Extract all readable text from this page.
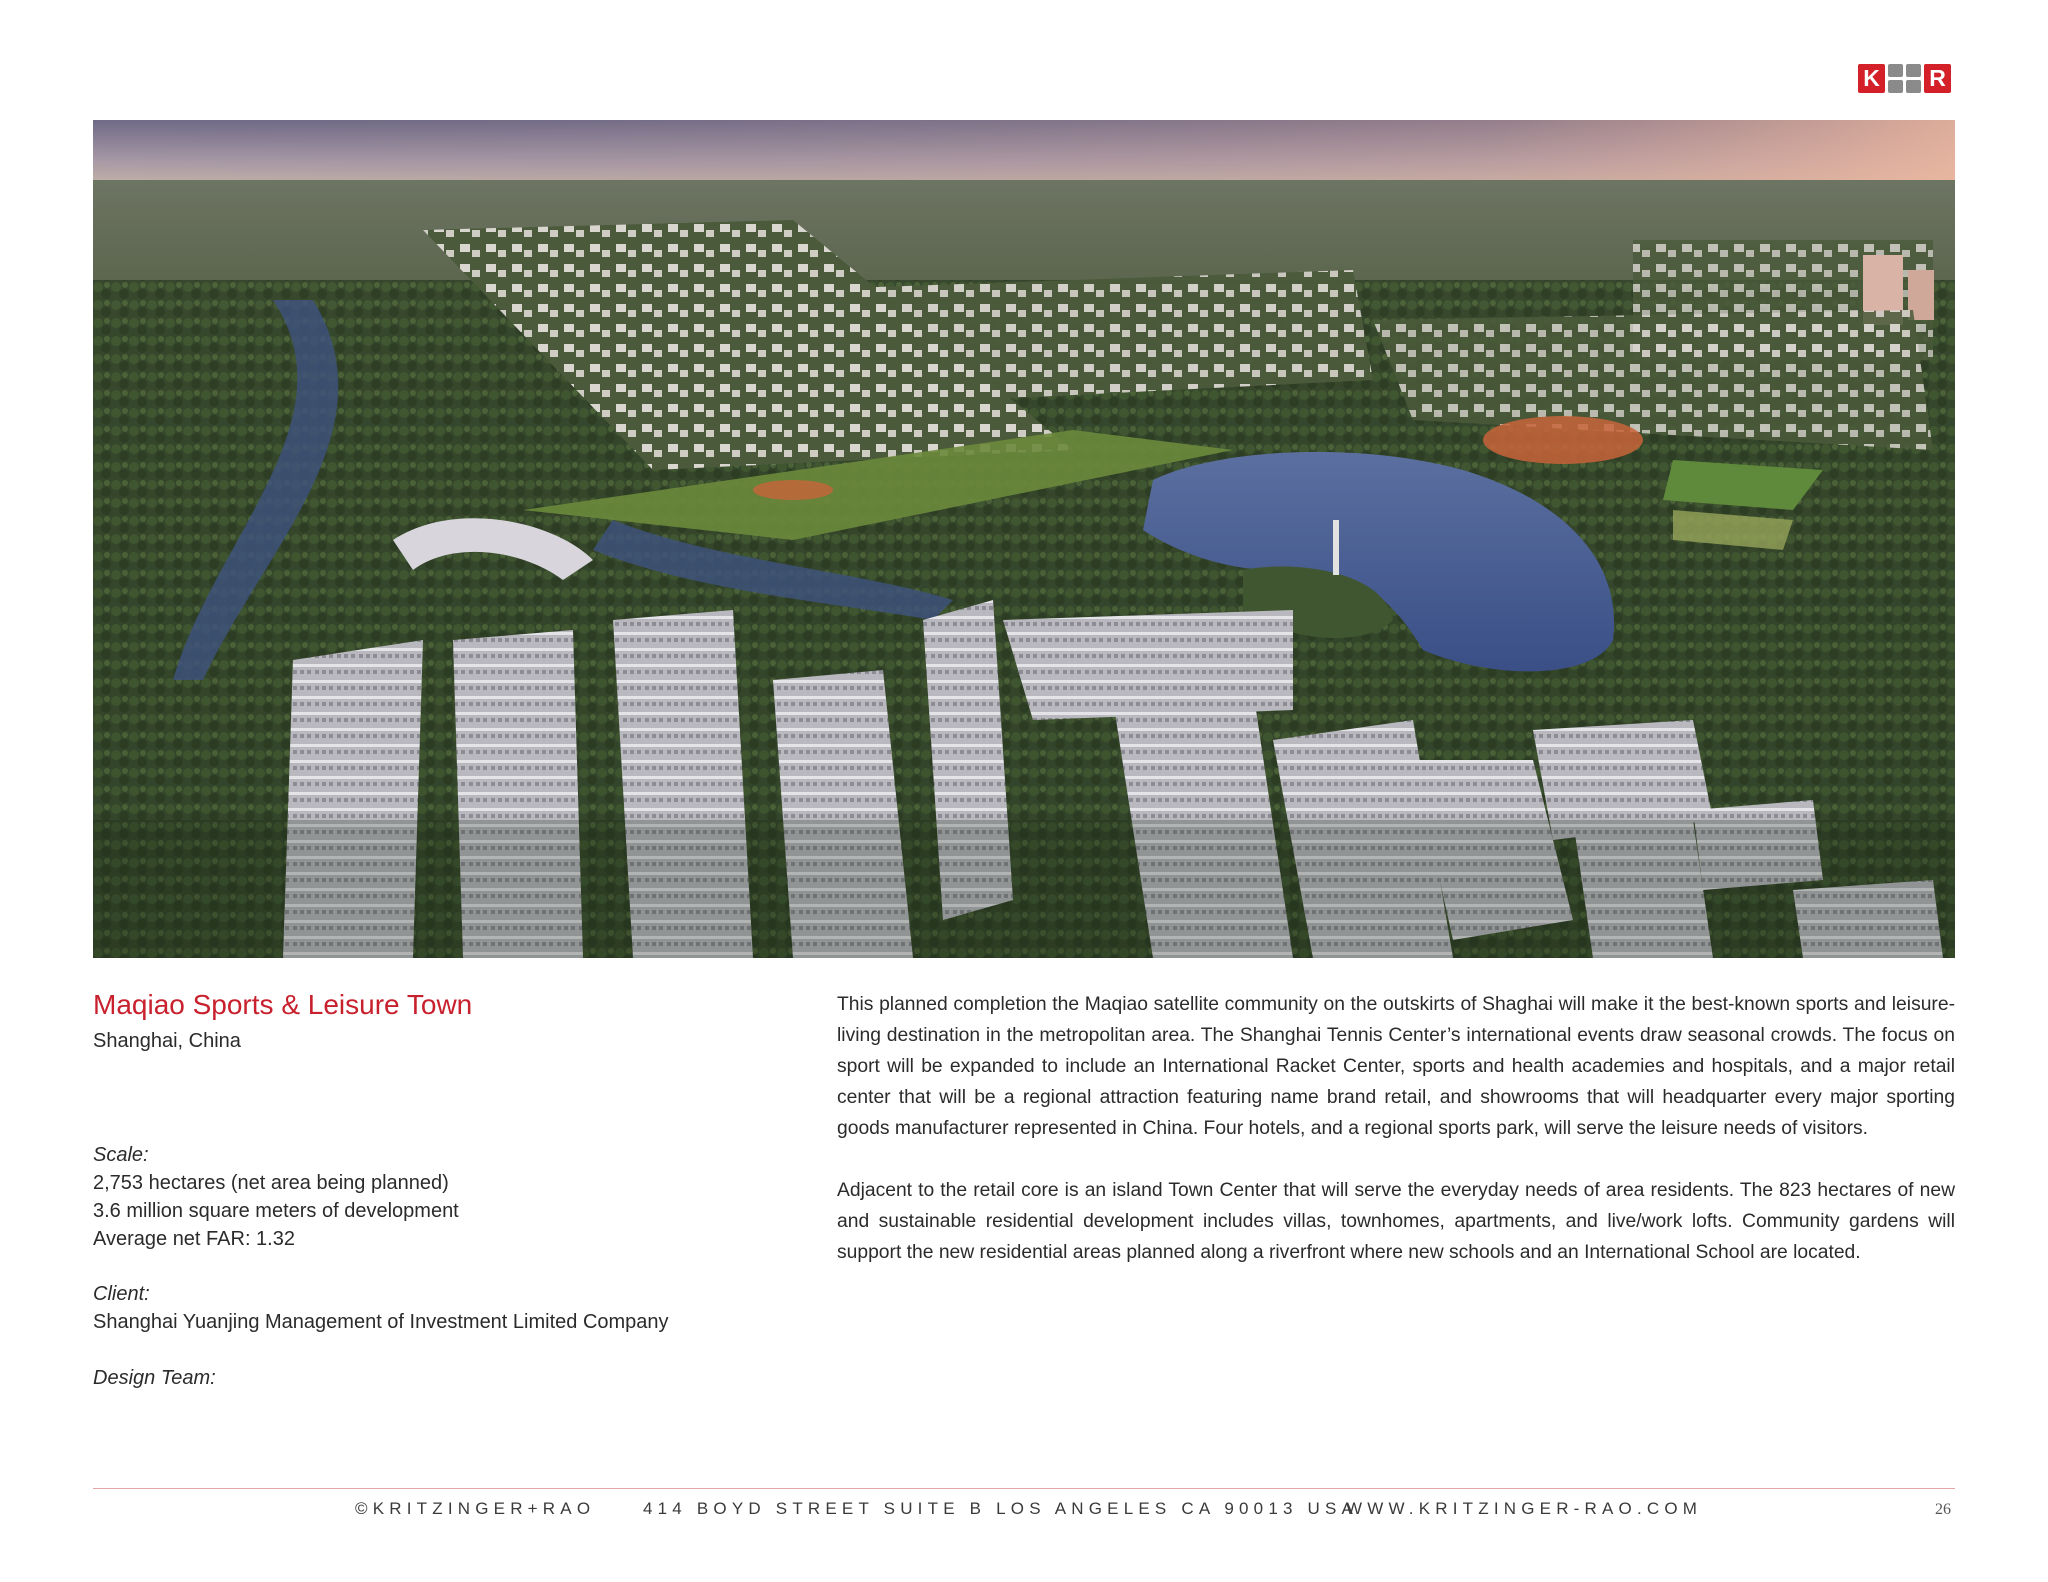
K R
Maqiao Sports & Leisure Town
Shanghai, China
Scale:
2,753 hectares (net area being planned)
3.6 million square meters of development
Average net FAR: 1.32
Client:
Shanghai Yuanjing Management of Investment Limited Company
Design Team:

This planned completion the Maqiao satellite community on the outskirts of Shaghai will make it the best-known sports and leisure-living destination in the metropolitan area. The Shanghai Tennis Center’s international events draw seasonal crowds. The focus on sport will be expanded to include an International Racket Center, sports and health academies and hospitals, and a major retail center that will be a regional attraction featuring name brand retail, and showrooms that will headquarter every major sporting goods manufacturer represented in China. Four hotels, and a regional sports park, will serve the leisure needs of visitors.

Adjacent to the retail core is an island Town Center that will serve the everyday needs of area residents. The 823 hectares of new and sustainable residential development includes villas, townhomes, apartments, and live/work lofts. Community gardens will support the new residential areas planned along a riverfront where new schools and an International School are located.

©KRITZINGER+RAO	414 BOYD STREET SUITE B LOS ANGELES CA 90013 USA
WWW.KRITZINGER-RAO.COM	26
